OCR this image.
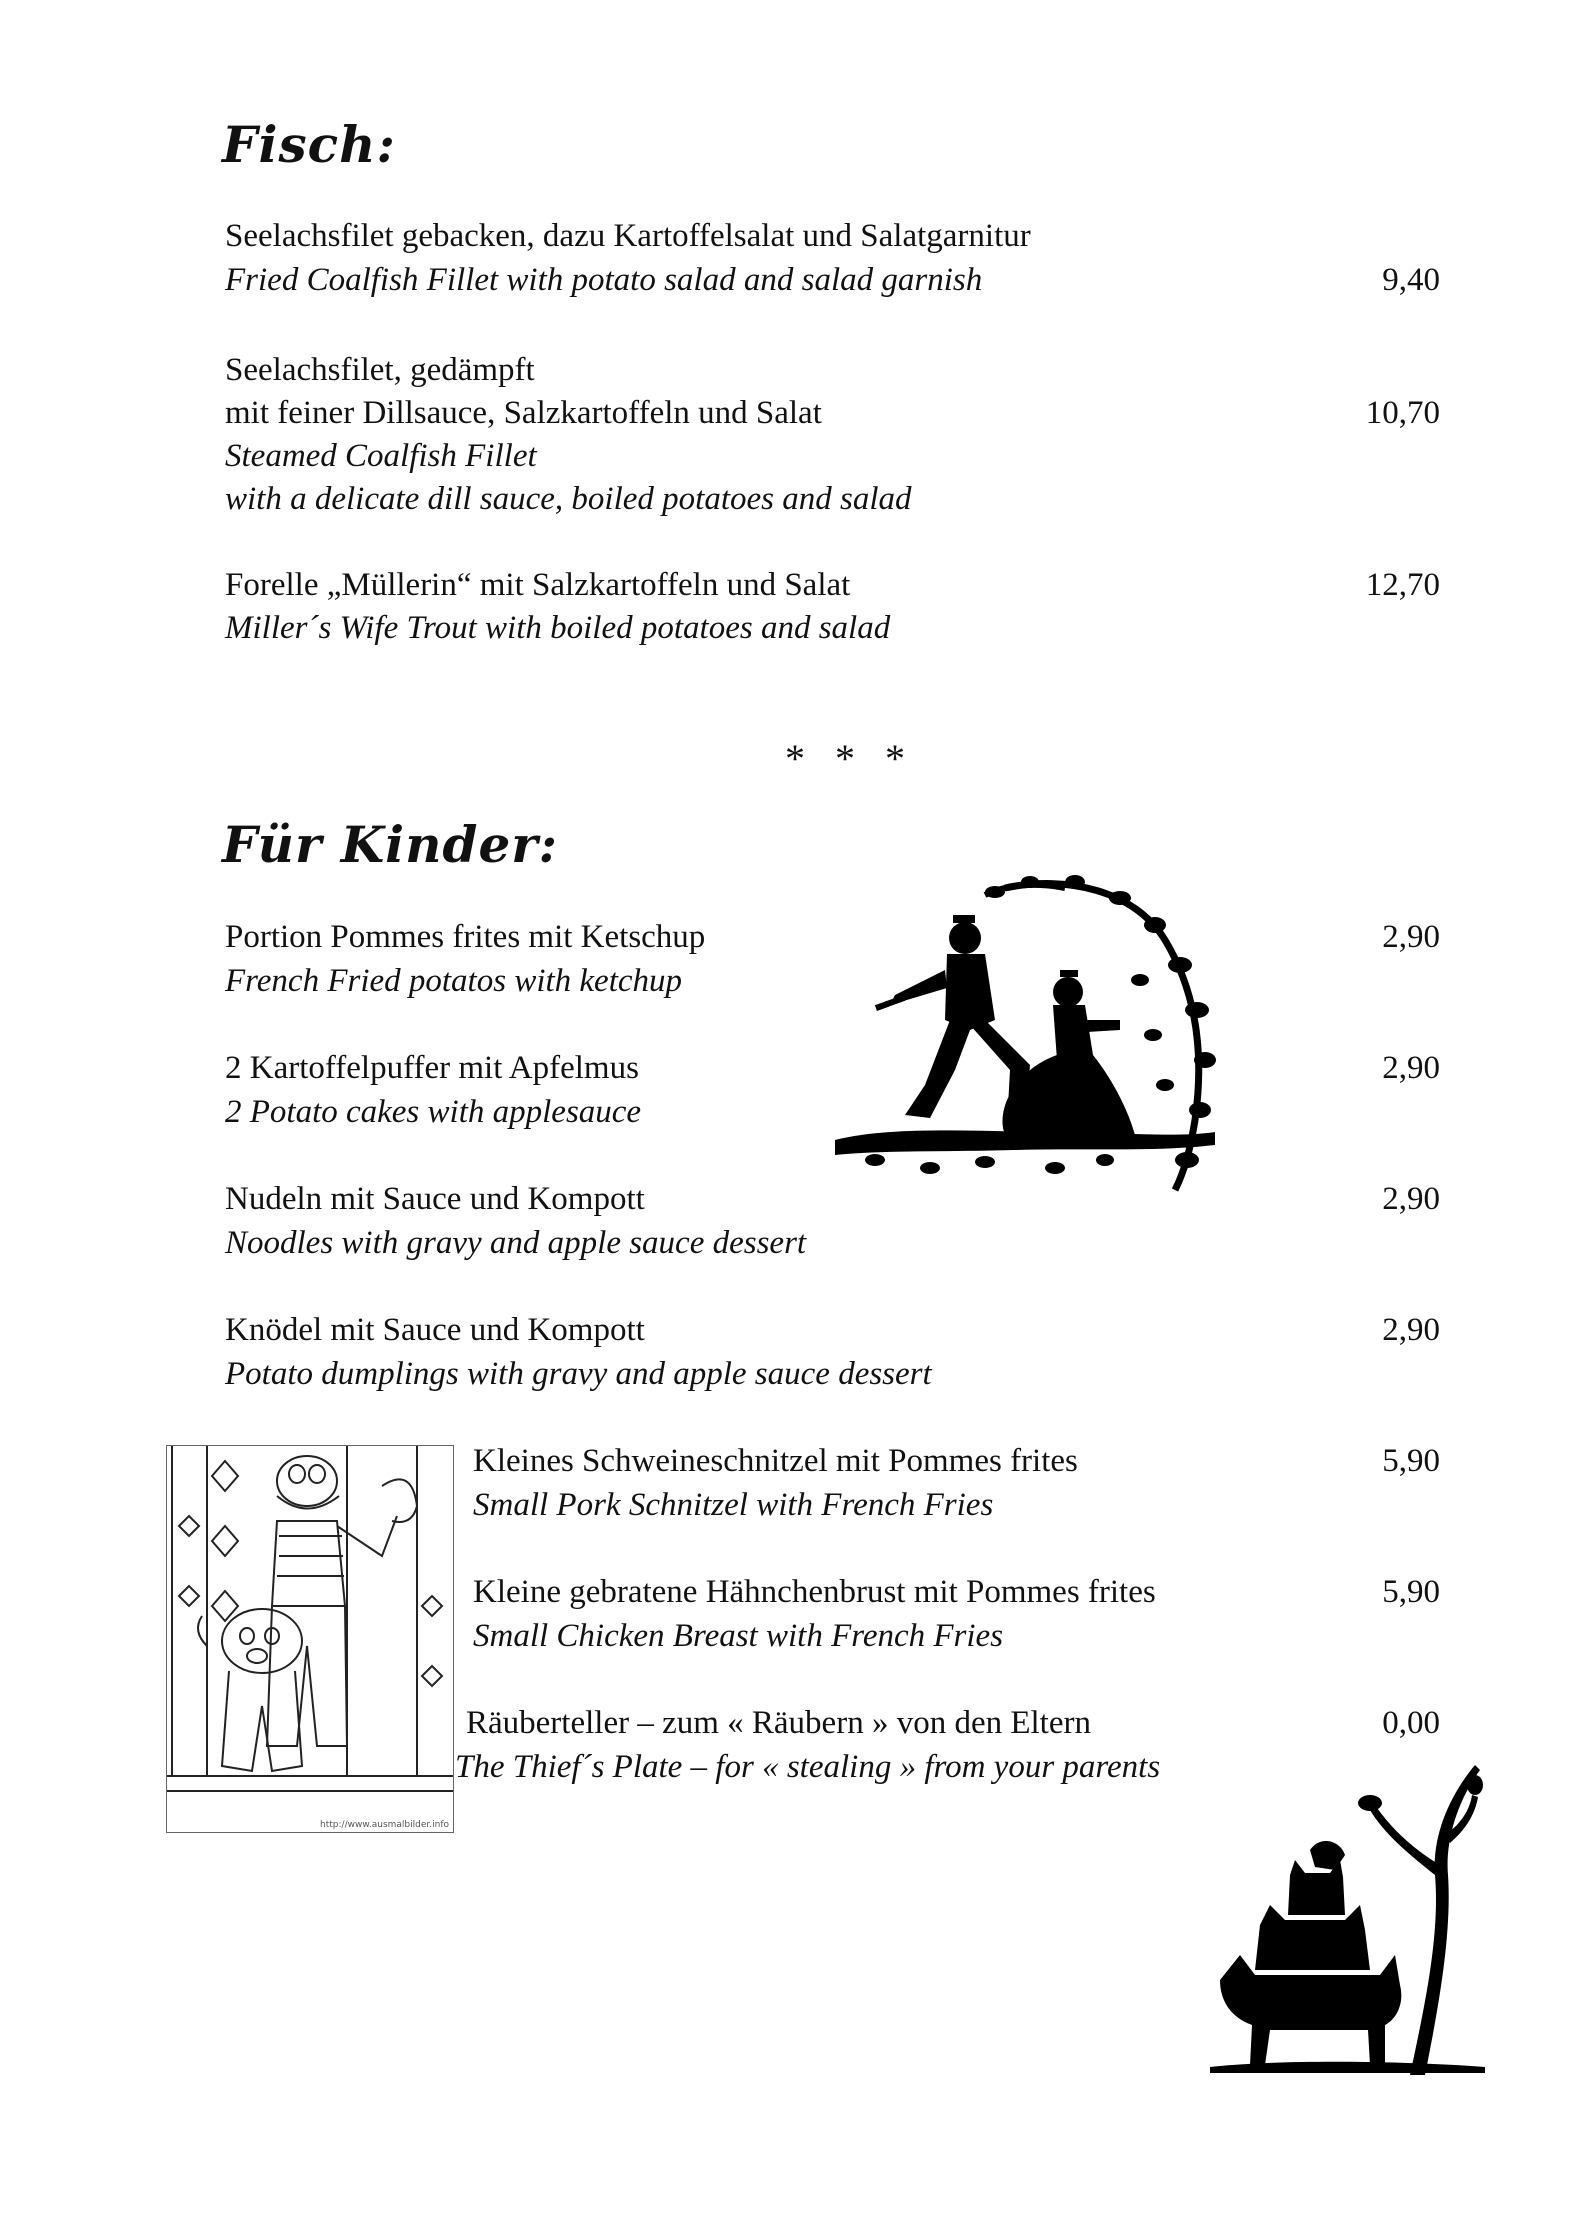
Fisch:
Seelachsfilet gebacken, dazu Kartoffelsalat und Salatgarnitur
Fried Coalfish Fillet with potato salad and salad garnish	9,40
Seelachsfilet, gedämpft
mit feiner Dillsauce, Salzkartoffeln und Salat	10,70
Steamed Coalfish Fillet
with a delicate dill sauce, boiled potatoes and salad
Forelle „Müllerin“ mit Salzkartoffeln und Salat	12,70
Miller´s Wife Trout with boiled potatoes and salad
* * *
Für Kinder:
Portion Pommes frites mit Ketschup	2,90
French Fried potatos with ketchup
2 Kartoffelpuffer mit Apfelmus	2,90
2 Potato cakes with applesauce
Nudeln mit Sauce und Kompott	2,90
Noodles with gravy and apple sauce dessert
Knödel mit Sauce und Kompott	2,90
Potato dumplings with gravy and apple sauce dessert
Kleines Schweineschnitzel mit Pommes frites	5,90
Small Pork Schnitzel with French Fries
Kleine gebratene Hähnchenbrust mit Pommes frites	5,90
Small Chicken Breast with French Fries
Räuberteller – zum « Räubern » von den Eltern	0,00
The Thief´s Plate – for « stealing » from your parents
http://www.ausmalbilder.info
